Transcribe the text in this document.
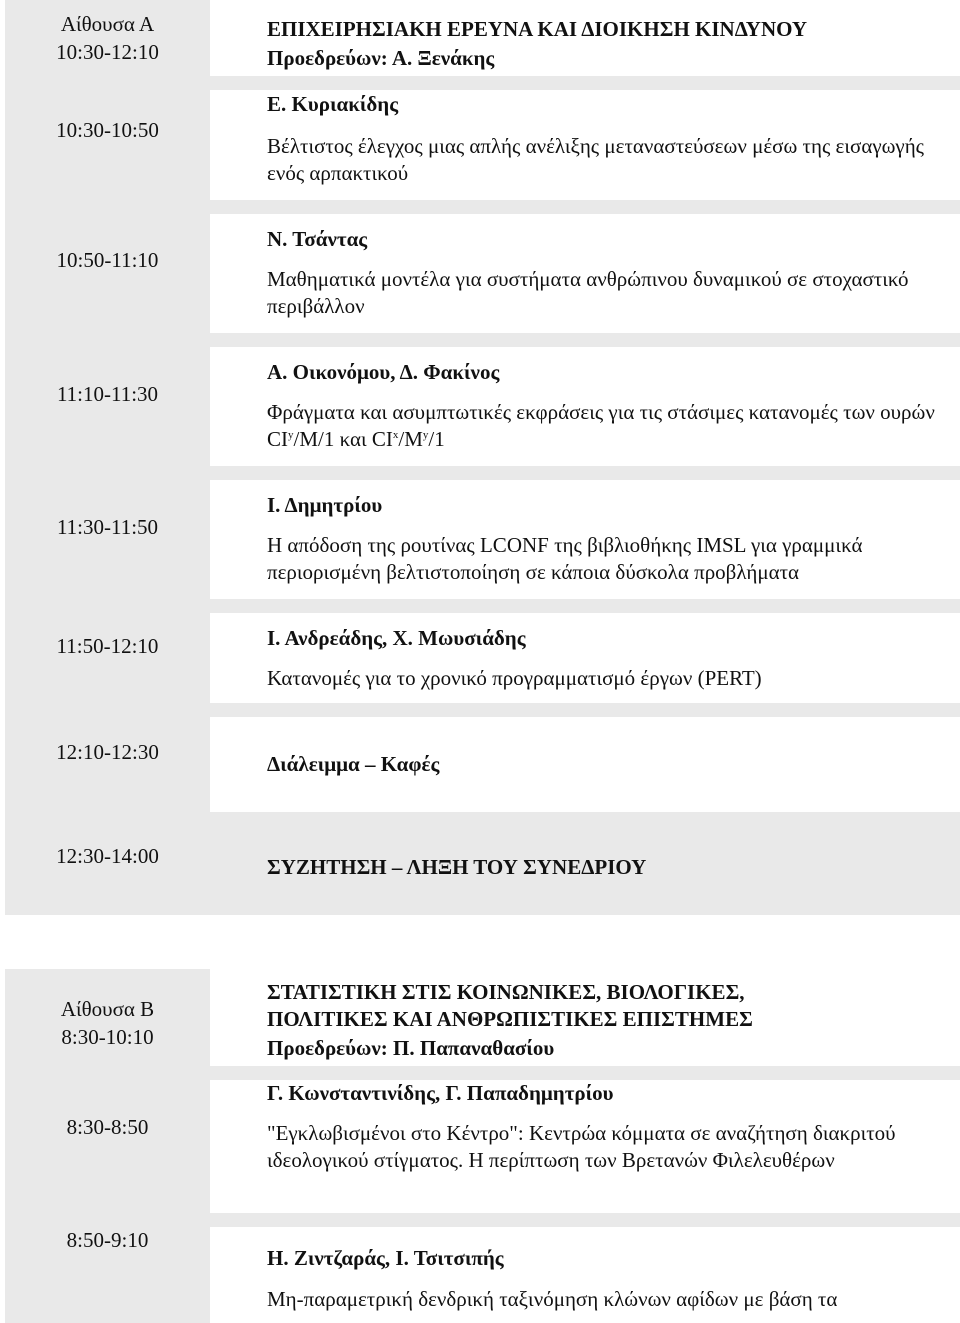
Αίθουσα Α
10:30-12:10
ΕΠΙΧΕΙΡΗΣΙΑΚΗ ΕΡΕΥΝΑ ΚΑΙ ΔΙΟΙΚΗΣΗ ΚΙΝΔΥΝΟΥ
Προεδρεύων: Α. Ξενάκης
10:30-10:50
Ε. Κυριακίδης
Βέλτιστος έλεγχος μιας απλής ανέλιξης μεταναστεύσεων μέσω της εισαγωγής ενός αρπακτικού
10:50-11:10
Ν. Τσάντας
Μαθηματικά μοντέλα για συστήματα ανθρώπινου δυναμικού σε στοχαστικό περιβάλλον
11:10-11:30
Α. Οικονόμου, Δ. Φακίνος
Φράγματα και ασυμπτωτικές εκφράσεις για τις στάσιμες κατανομές των ουρών $CI^y/M/1$ και $CI^x/M^y/1$
11:30-11:50
Ι. Δημητρίου
Η απόδοση της ρουτίνας LCONF της βιβλιοθήκης IMSL για γραμμικά περιορισμένη βελτιστοποίηση σε κάποια δύσκολα προβλήματα
11:50-12:10	Ι. Ανδρεάδης, Χ. Μωυσιάδης
Κατανομές για το χρονικό προγραμματισμό έργων (PERT)
12:10-12:30	Διάλειμμα – Καφές
12:30-14:00	ΣΥΖΗΤΗΣΗ – ΛΗΞΗ ΤΟΥ ΣΥΝΕΔΡΙΟΥ
Αίθουσα Β
8:30-10:10
ΣΤΑΤΙΣΤΙΚΗ ΣΤΙΣ ΚΟΙΝΩΝΙΚΕΣ, ΒΙΟΛΟΓΙΚΕΣ,
ΠΟΛΙΤΙΚΕΣ ΚΑΙ ΑΝΘΡΩΠΙΣΤΙΚΕΣ ΕΠΙΣΤΗΜΕΣ
Προεδρεύων: Π. Παπαναθασίου
8:30-8:50
Γ. Κωνσταντινίδης, Γ. Παπαδημητρίου
"Εγκλωβισμένοι στο Κέντρο": Κεντρώα κόμματα σε αναζήτηση διακριτού ιδεολογικού στίγματος. Η περίπτωση των Βρετανών Φιλελευθέρων
8:50-9:10
Η. Ζιντζαράς, Ι. Τσιτσιπής
Μη-παραμετρική δενδρική ταξινόμηση κλώνων αφίδων με βάση τα
